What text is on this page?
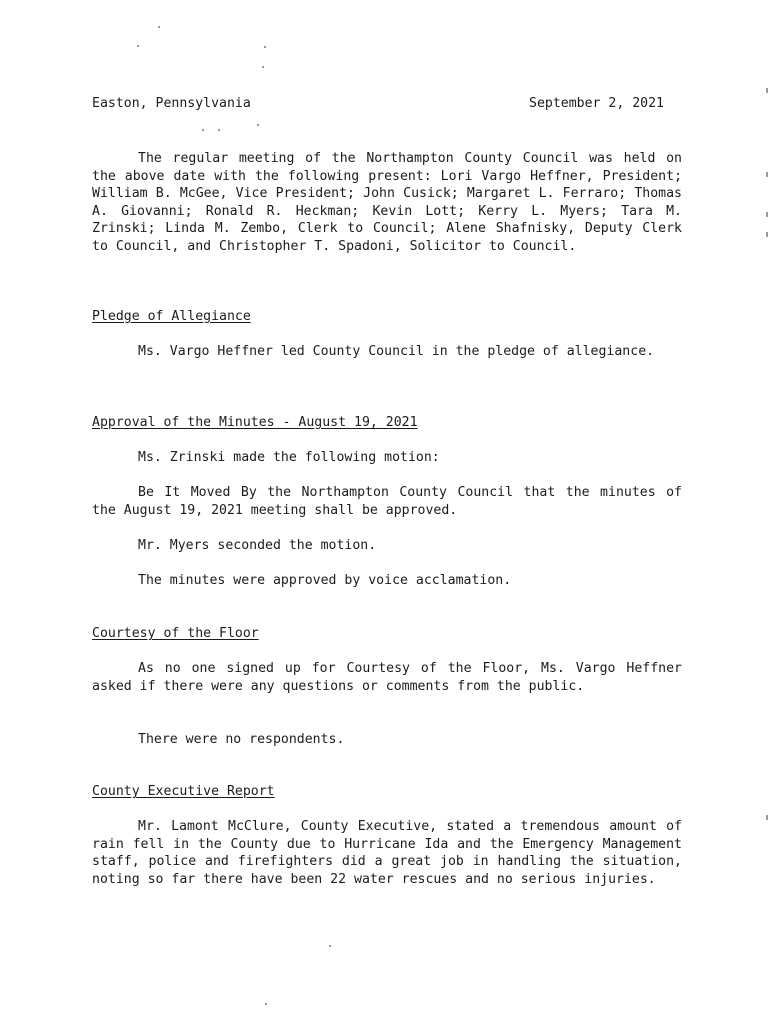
Easton, Pennsylvania	September 2, 2021

The regular meeting of the Northampton County Council was held on the above date with the following present: Lori Vargo Heffner, President; William B. McGee, Vice President; John Cusick; Margaret L. Ferraro; Thomas A. Giovanni; Ronald R. Heckman; Kevin Lott; Kerry L. Myers; Tara M. Zrinski; Linda M. Zembo, Clerk to Council; Alene Shafnisky, Deputy Clerk to Council, and Christopher T. Spadoni, Solicitor to Council.

Pledge of Allegiance

Ms. Vargo Heffner led County Council in the pledge of allegiance.

Approval of the Minutes - August 19, 2021

Ms. Zrinski made the following motion:

Be It Moved By the Northampton County Council that the minutes of the August 19, 2021 meeting shall be approved.

Mr. Myers seconded the motion.

The minutes were approved by voice acclamation.

Courtesy of the Floor

As no one signed up for Courtesy of the Floor, Ms. Vargo Heffner asked if there were any questions or comments from the public.

There were no respondents.

County Executive Report

Mr. Lamont McClure, County Executive, stated a tremendous amount of rain fell in the County due to Hurricane Ida and the Emergency Management staff, police and firefighters did a great job in handling the situation, noting so far there have been 22 water rescues and no serious injuries.
